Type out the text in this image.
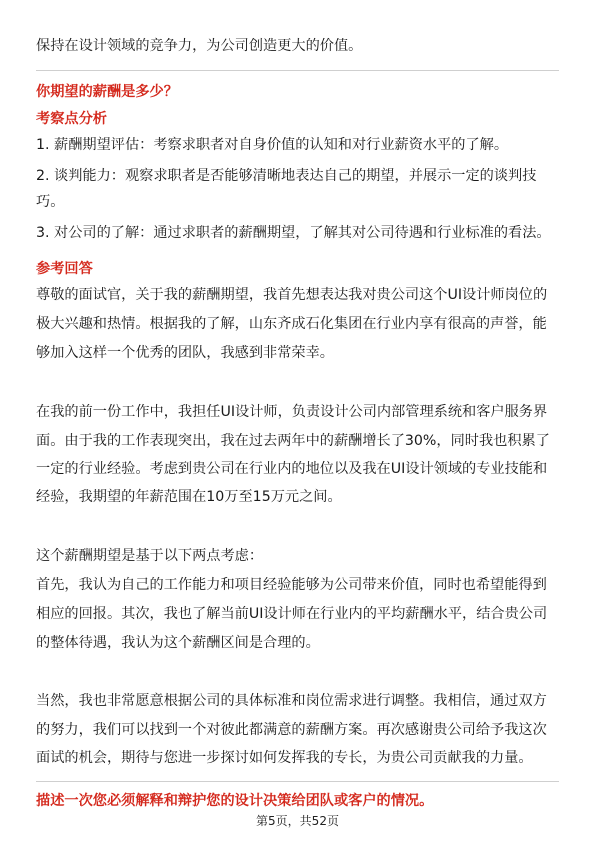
保持在设计领域的竞争力，为公司创造更大的价值。
你期望的薪酬是多少？
考察点分析
1. 薪酬期望评估：考察求职者对自身价值的认知和对行业薪资水平的了解。
2. 谈判能力：观察求职者是否能够清晰地表达自己的期望，并展示一定的谈判技
巧。
3. 对公司的了解：通过求职者的薪酬期望，了解其对公司待遇和行业标准的看法。
参考回答
尊敬的面试官，关于我的薪酬期望，我首先想表达我对贵公司这个UI设计师岗位的
极大兴趣和热情。根据我的了解，山东齐成石化集团在行业内享有很高的声誉，能
够加入这样一个优秀的团队，我感到非常荣幸。
在我的前一份工作中，我担任UI设计师，负责设计公司内部管理系统和客户服务界
面。由于我的工作表现突出，我在过去两年中的薪酬增长了30%，同时我也积累了
一定的行业经验。考虑到贵公司在行业内的地位以及我在UI设计领域的专业技能和
经验，我期望的年薪范围在10万至15万元之间。
这个薪酬期望是基于以下两点考虑：
首先，我认为自己的工作能力和项目经验能够为公司带来价值，同时也希望能得到
相应的回报。其次，我也了解当前UI设计师在行业内的平均薪酬水平，结合贵公司
的整体待遇，我认为这个薪酬区间是合理的。
当然，我也非常愿意根据公司的具体标准和岗位需求进行调整。我相信，通过双方
的努力，我们可以找到一个对彼此都满意的薪酬方案。再次感谢贵公司给予我这次
面试的机会，期待与您进一步探讨如何发挥我的专长，为贵公司贡献我的力量。
描述一次您必须解释和辩护您的设计决策给团队或客户的情况。
第5页，共52页
